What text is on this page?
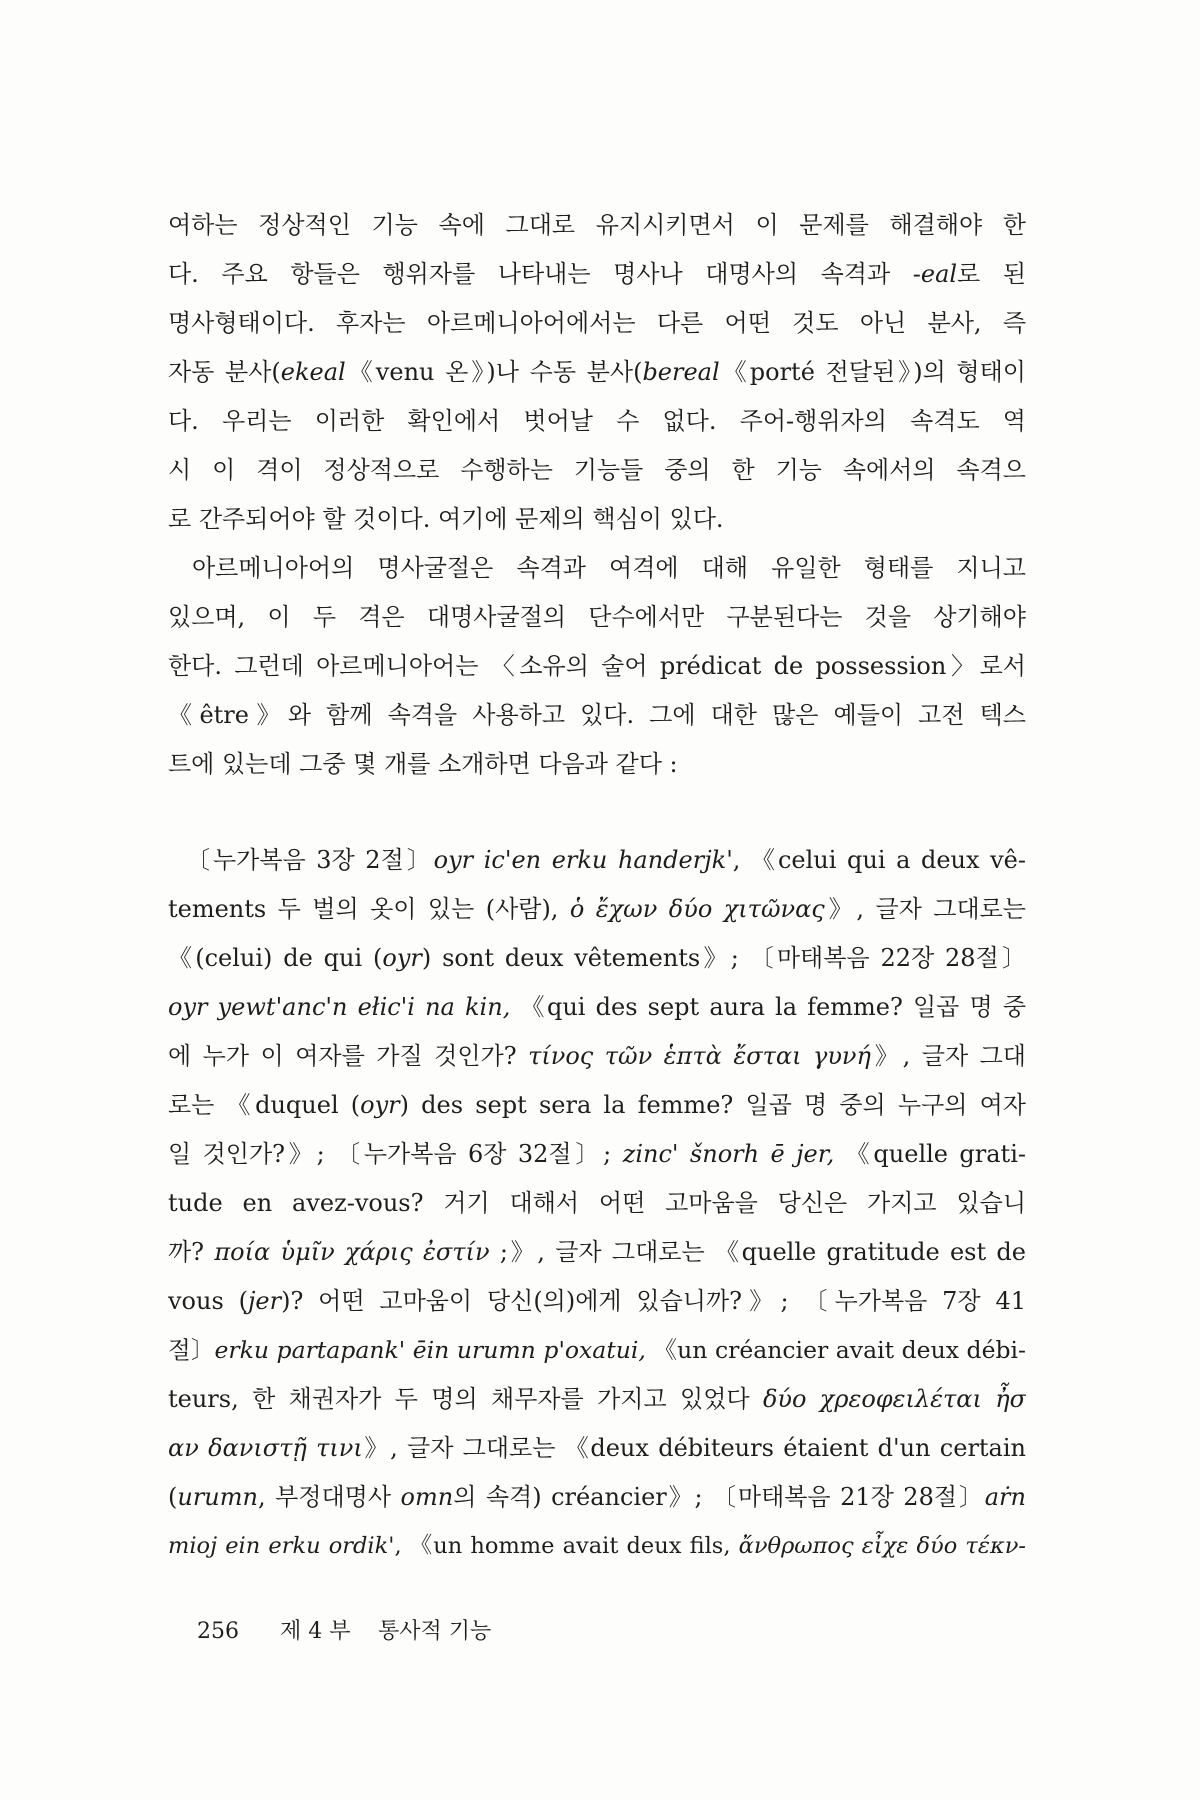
여하는 정상적인 기능 속에 그대로 유지시키면서 이 문제를 해결해야 한
다. 주요 항들은 행위자를 나타내는 명사나 대명사의 속격과 -eal로 된
명사형태이다. 후자는 아르메니아어에서는 다른 어떤 것도 아닌 분사, 즉
자동 분사(ekeal《venu 온》)나 수동 분사(bereal《porté 전달된》)의 형태이
다. 우리는 이러한 확인에서 벗어날 수 없다. 주어-행위자의 속격도 역
시 이 격이 정상적으로 수행하는 기능들 중의 한 기능 속에서의 속격으
로 간주되어야 할 것이다. 여기에 문제의 핵심이 있다.
아르메니아어의 명사굴절은 속격과 여격에 대해 유일한 형태를 지니고
있으며, 이 두 격은 대명사굴절의 단수에서만 구분된다는 것을 상기해야
한다. 그런데 아르메니아어는 〈소유의 술어 prédicat de possession〉로서
《être》와 함께 속격을 사용하고 있다. 그에 대한 많은 예들이 고전 텍스
트에 있는데 그중 몇 개를 소개하면 다음과 같다 :
〔누가복음 3장 2절〕oyr ic'en erku handerjk', 《celui qui a deux vê-
tements 두 벌의 옷이 있는 (사람), ὁ ἔχων δύο χιτῶνας》, 글자 그대로는
《(celui) de qui (oyr) sont deux vêtements》; 〔마태복음 22장 28절〕
oyr yewt'anc'n ełic'i na kin, 《qui des sept aura la femme? 일곱 명 중
에 누가 이 여자를 가질 것인가? τίνος τῶν ἑπτὰ ἔσται γυνή》, 글자 그대
로는 《duquel (oyr) des sept sera la femme? 일곱 명 중의 누구의 여자
일 것인가?》; 〔누가복음 6장 32절〕; zinc' šnorh ē jer, 《quelle grati-
tude en avez-vous? 거기 대해서 어떤 고마움을 당신은 가지고 있습니
까? ποία ὑμῖν χάρις ἐστίν ;》, 글자 그대로는 《quelle gratitude est de
vous (jer)? 어떤 고마움이 당신(의)에게 있습니까?》; 〔누가복음 7장 41
절〕erku partapank' ēin urumn p'oxatui, 《un créancier avait deux débi-
teurs, 한 채권자가 두 명의 채무자를 가지고 있었다 δύο χρεοφειλέται ἦσ
αν δανιστῇ τινι》, 글자 그대로는 《deux débiteurs étaient d'un certain
(urumn, 부정대명사 omn의 속격) créancier》; 〔마태복음 21장 28절〕aṙn
mioj ein erku ordik', 《un homme avait deux fils, ἄνθρωπος εἶχε δύο τέκν-
256 제 4 부 통사적 기능
